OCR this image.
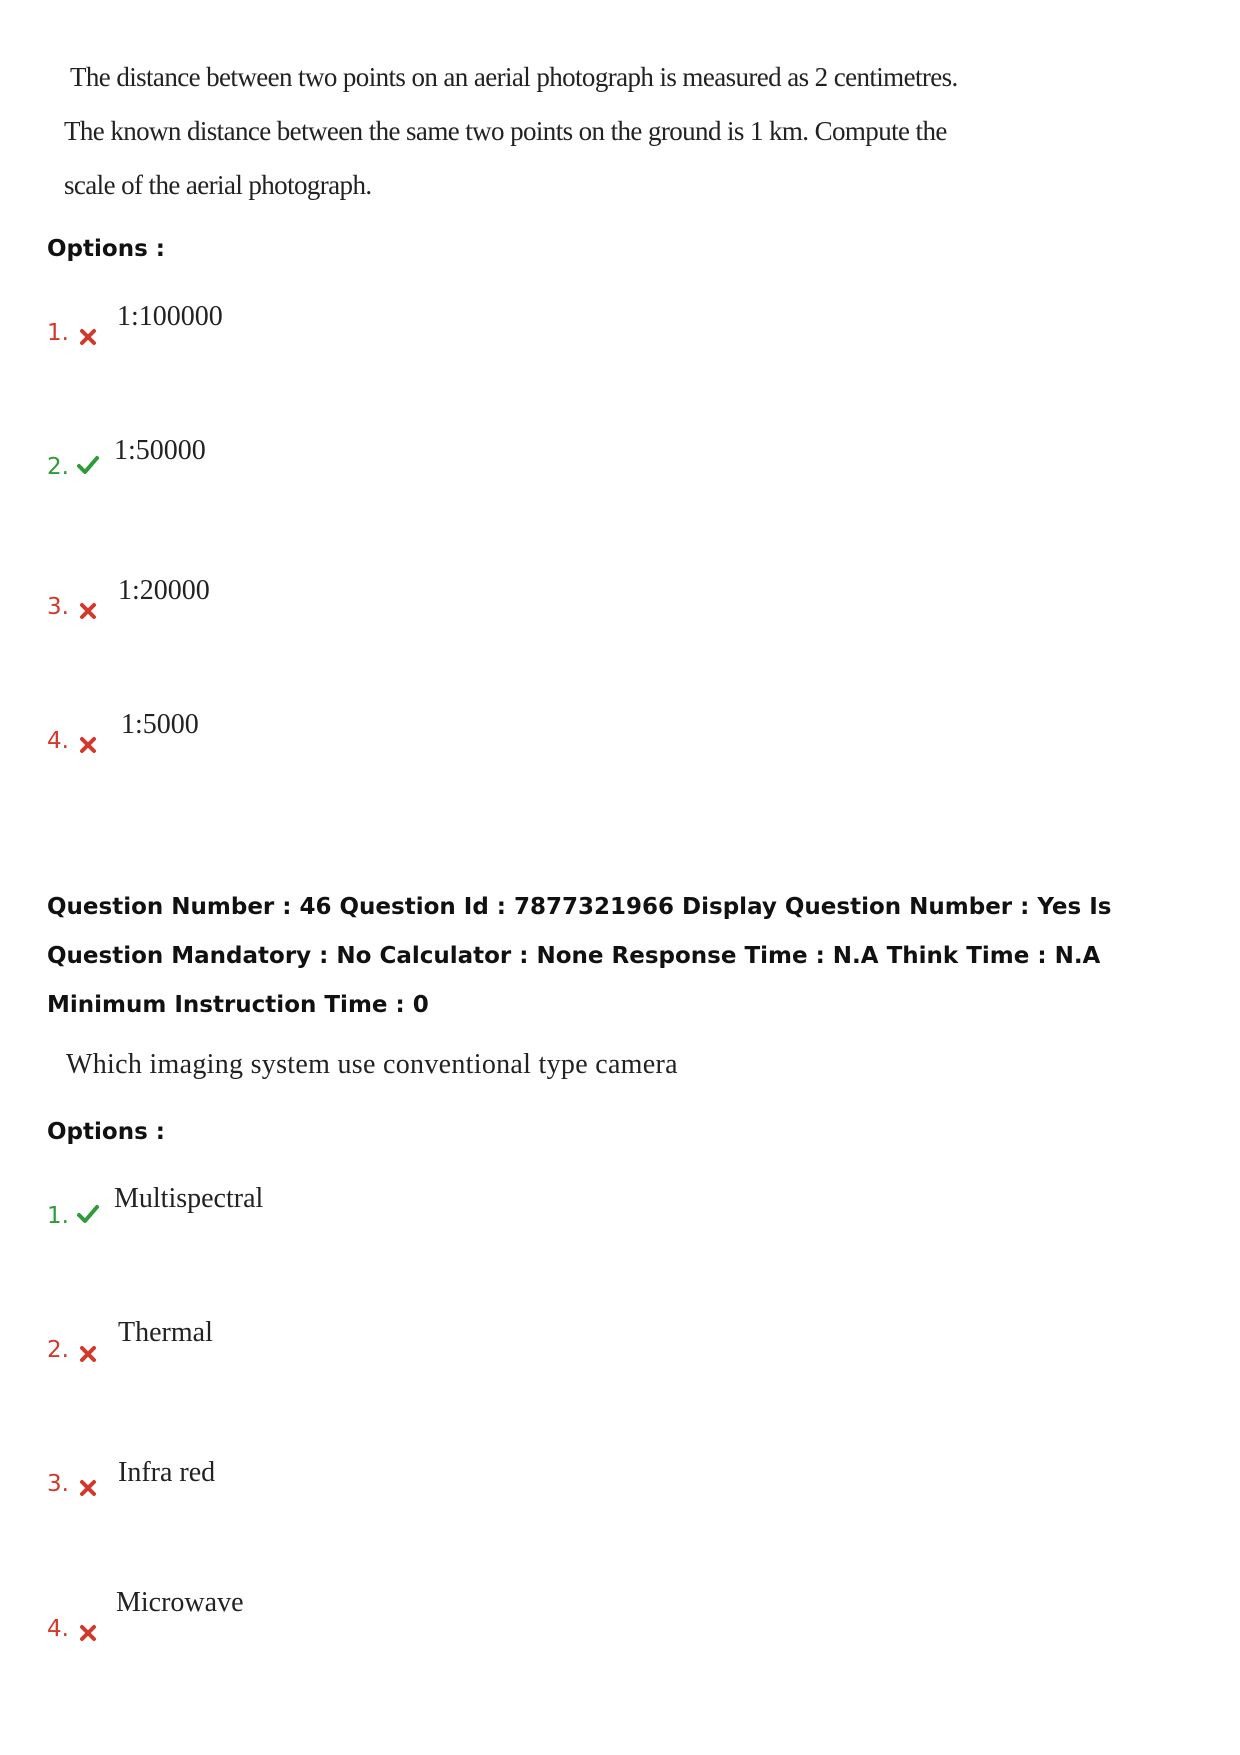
The distance between two points on an aerial photograph is measured as 2 centimetres.
The known distance between the same two points on the ground is 1 km. Compute the
scale of the aerial photograph.
Options :
1.
1:100000
2.
1:50000
3.
1:20000
4.
1:5000
Question Number : 46 Question Id : 7877321966 Display Question Number : Yes Is Question Mandatory : No Calculator : None Response Time : N.A Think Time : N.A Minimum Instruction Time : 0
Which imaging system use conventional type camera
Options :
1.
Multispectral
2.
Thermal
3. Infra red
4.
Microwave
